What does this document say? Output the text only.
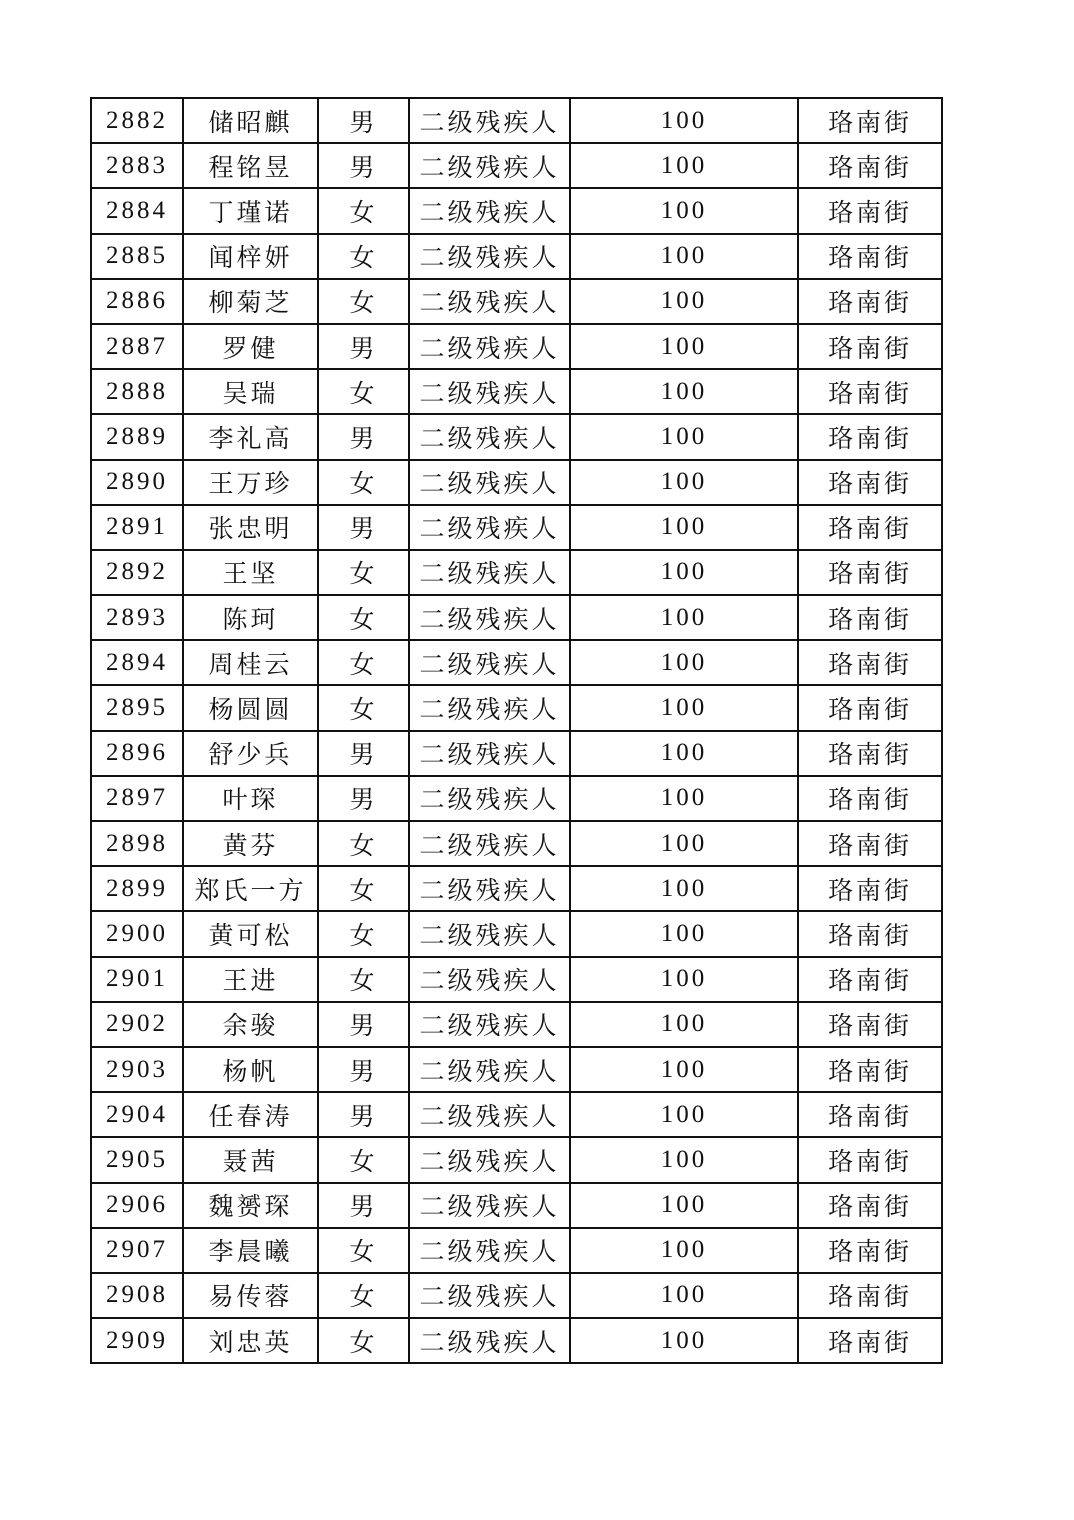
2882	储昭麒	男	二级残疾人	100	珞南街
2883	程铭昱	男	二级残疾人	100	珞南街
2884	丁瑾诺	女	二级残疾人	100	珞南街
2885	闻梓妍	女	二级残疾人	100	珞南街
2886	柳菊芝	女	二级残疾人	100	珞南街
2887	罗健	男	二级残疾人	100	珞南街
2888	吴瑞	女	二级残疾人	100	珞南街
2889	李礼高	男	二级残疾人	100	珞南街
2890	王万珍	女	二级残疾人	100	珞南街
2891	张忠明	男	二级残疾人	100	珞南街
2892	王坚	女	二级残疾人	100	珞南街
2893	陈珂	女	二级残疾人	100	珞南街
2894	周桂云	女	二级残疾人	100	珞南街
2895	杨圆圆	女	二级残疾人	100	珞南街
2896	舒少兵	男	二级残疾人	100	珞南街
2897	叶琛	男	二级残疾人	100	珞南街
2898	黄芬	女	二级残疾人	100	珞南街
2899	郑氏一方	女	二级残疾人	100	珞南街
2900	黄可松	女	二级残疾人	100	珞南街
2901	王进	女	二级残疾人	100	珞南街
2902	余骏	男	二级残疾人	100	珞南街
2903	杨帆	男	二级残疾人	100	珞南街
2904	任春涛	男	二级残疾人	100	珞南街
2905	聂茜	女	二级残疾人	100	珞南街
2906	魏赟琛	男	二级残疾人	100	珞南街
2907	李晨曦	女	二级残疾人	100	珞南街
2908	易传蓉	女	二级残疾人	100	珞南街
2909	刘忠英	女	二级残疾人	100	珞南街
